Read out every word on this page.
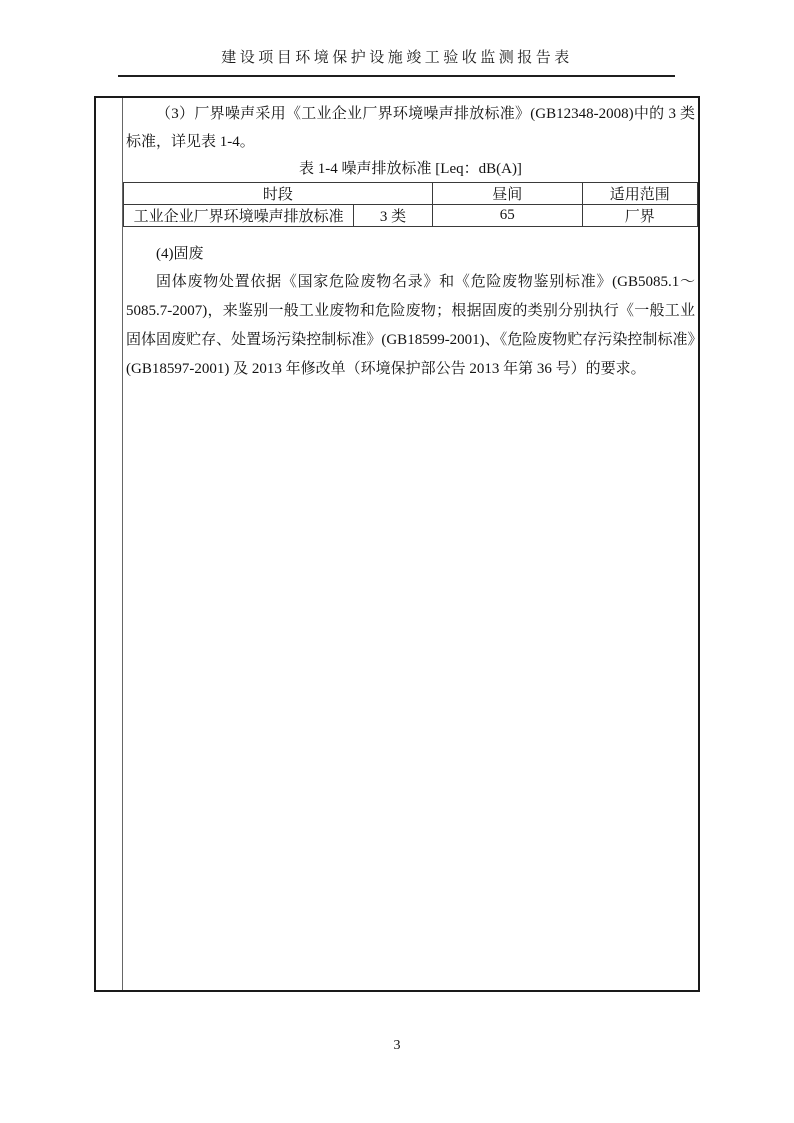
建设项目环境保护设施竣工验收监测报告表
（3）厂界噪声采用《工业企业厂界环境噪声排放标准》(GB12348-2008)中的 3 类标准，详见表 1-4。
表 1-4 噪声排放标准 [Leq：dB(A)]
时段		昼间	适用范围
工业企业厂界环境噪声排放标准	3 类	65	厂界
(4)固废
固体废物处置依据《国家危险废物名录》和《危险废物鉴别标准》(GB5085.1～5085.7-2007)，来鉴别一般工业废物和危险废物；根据固废的类别分别执行《一般工业固体固废贮存、处置场污染控制标准》(GB18599-2001)、《危险废物贮存污染控制标准》(GB18597-2001) 及 2013 年修改单（环境保护部公告 2013 年第 36 号）的要求。
3
